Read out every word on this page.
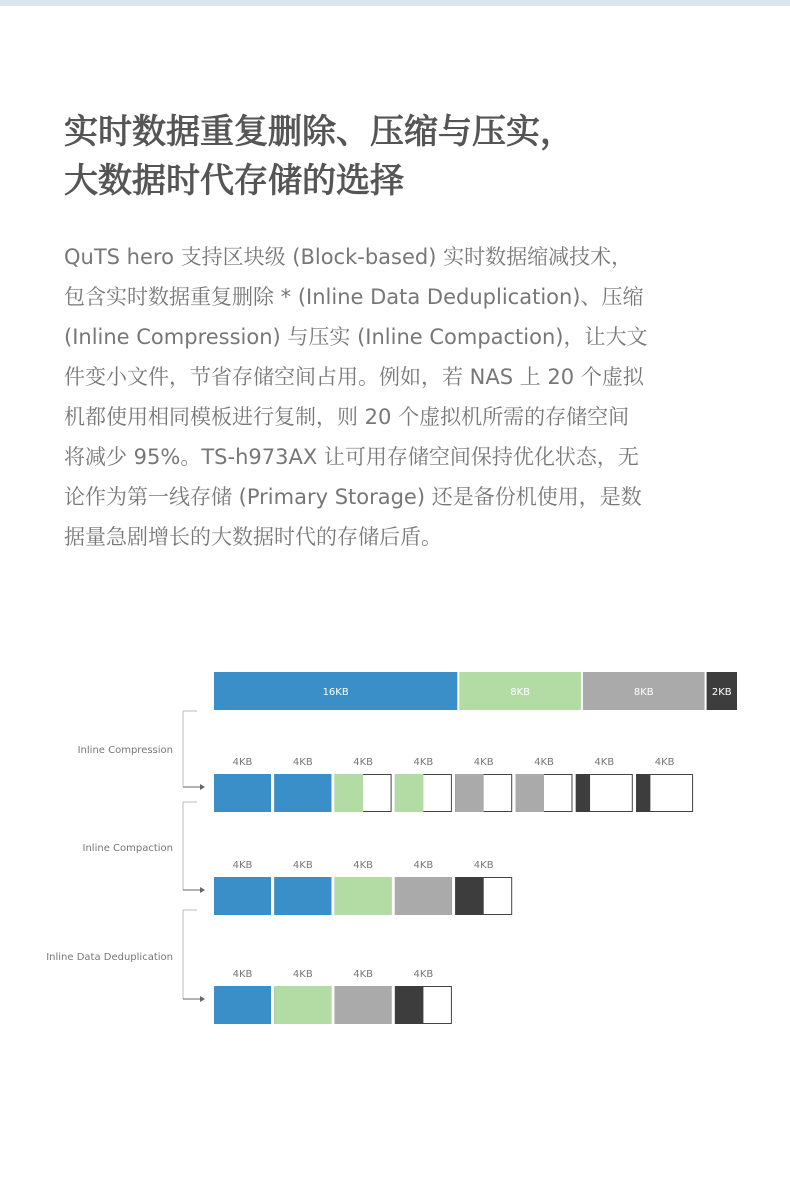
实时数据重复删除、压缩与压实，
大数据时代存储的选择
QuTS hero 支持区块级 (Block-based) 实时数据缩减技术，
包含实时数据重复删除 * (Inline Data Deduplication)、压缩
(Inline Compression) 与压实 (Inline Compaction)，让大文
件变小文件，节省存储空间占用。例如，若 NAS 上 20 个虚拟
机都使用相同模板进行复制，则 20 个虚拟机所需的存储空间
将减少 95%。TS-h973AX 让可用存储空间保持优化状态，无
论作为第一线存储 (Primary Storage) 还是备份机使用，是数
据量急剧增长的大数据时代的存储后盾。
16KB	8KB	8KB	2KB
Inline Compression
4KB	4KB	4KB	4KB	4KB	4KB	4KB	4KB
Inline Compaction
4KB	4KB	4KB	4KB	4KB
Inline Data Deduplication
4KB	4KB	4KB	4KB
